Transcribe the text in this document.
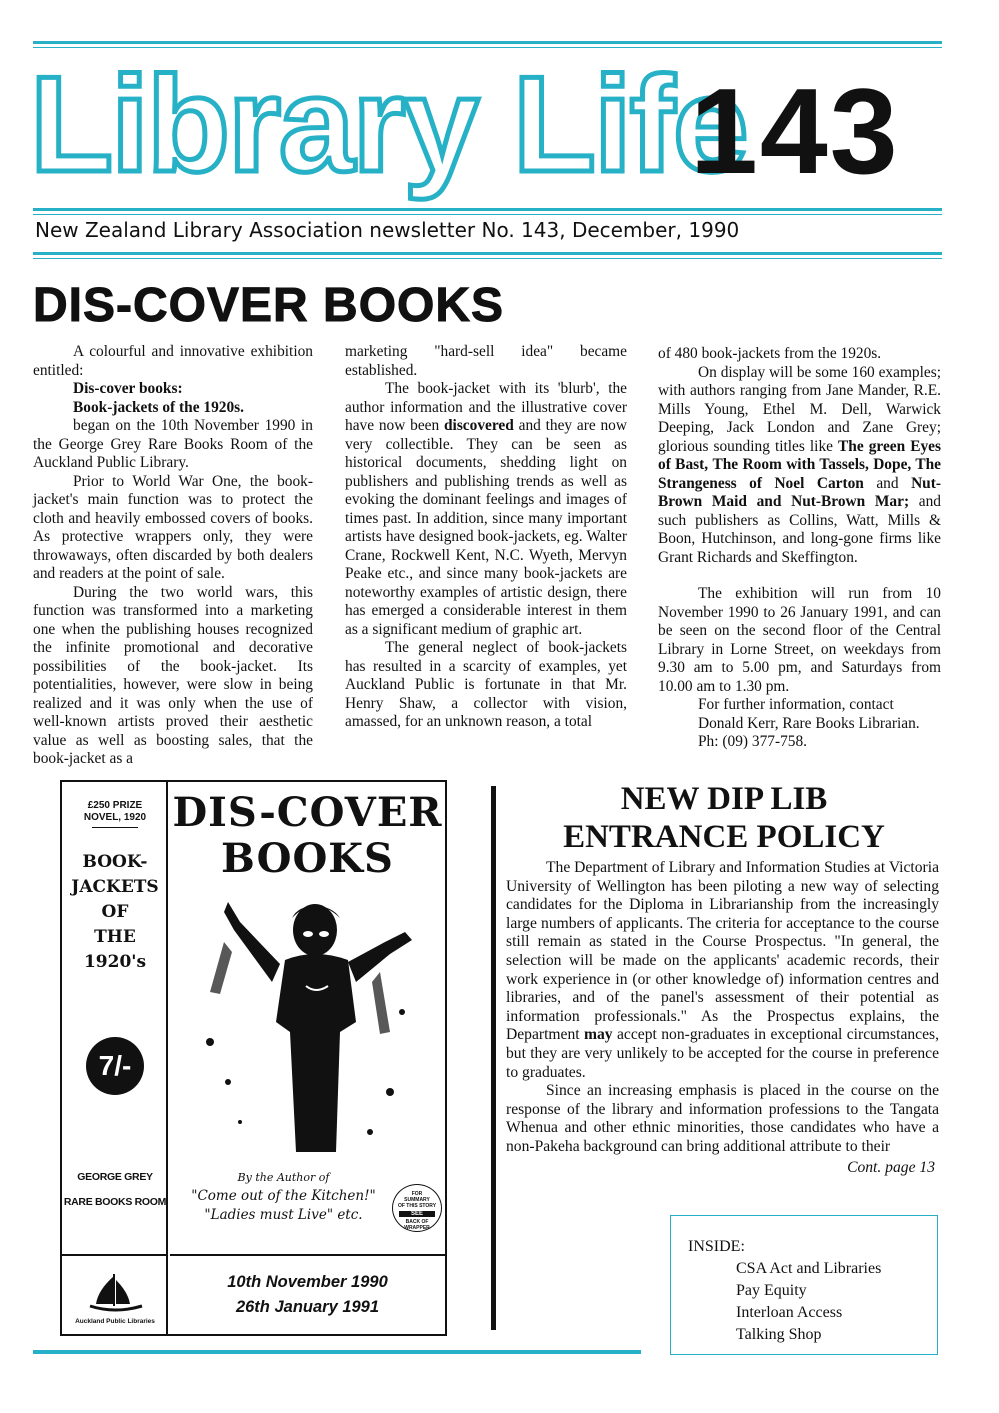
Library Life
143
New Zealand Library Association newsletter No. 143, December, 1990
DIS-COVER BOOKS

A colourful and innovative exhibition entitled:

Dis-cover books:
Book-jackets of the 1920s.

began on the 10th November 1990 in the George Grey Rare Books Room of the Auckland Public Library.

Prior to World War One, the book-jacket's main function was to protect the cloth and heavily embossed covers of books. As protective wrappers only, they were throwaways, often discarded by both dealers and readers at the point of sale.

During the two world wars, this function was transformed into a marketing one when the publishing houses recognized the infinite promotional and decorative possibilities of the book-jacket. Its potentialities, however, were slow in being realized and it was only when the use of well-known artists proved their aesthetic value as well as boosting sales, that the book-jacket as a

marketing "hard-sell idea" became established.

The book-jacket with its 'blurb', the author information and the illustrative cover have now been discovered and they are now very collectible. They can be seen as historical documents, shedding light on publishers and publishing trends as well as evoking the dominant feelings and images of times past. In addition, since many important artists have designed book-jackets, eg. Walter Crane, Rockwell Kent, N.C. Wyeth, Mervyn Peake etc., and since many book-jackets are noteworthy examples of artistic design, there has emerged a considerable interest in them as a significant medium of graphic art.

The general neglect of book-jackets has resulted in a scarcity of examples, yet Auckland Public is fortunate in that Mr. Henry Shaw, a collector with vision, amassed, for an unknown reason, a total

of 480 book-jackets from the 1920s.

On display will be some 160 examples; with authors ranging from Jane Mander, R.E. Mills Young, Ethel M. Dell, Warwick Deeping, Jack London and Zane Grey; glorious sounding titles like The green Eyes of Bast, The Room with Tassels, Dope, The Strangeness of Noel Carton and Nut-Brown Maid and Nut-Brown Mar; and such publishers as Collins, Watt, Mills & Boon, Hutchinson, and long-gone firms like Grant Richards and Skeffington.

The exhibition will run from 10 November 1990 to 26 January 1991, and can be seen on the second floor of the Central Library in Lorne Street, on weekdays from 9.30 am to 5.00 pm, and Saturdays from 10.00 am to 1.30 pm.

For further information, contact
Donald Kerr, Rare Books Librarian.
Ph: (09) 377-758.
£250 PRIZE
NOVEL, 1920
BOOK-
JACKETS
OF
THE
1920's
7/-
GEORGE GREY
RARE BOOKS ROOM
Auckland Public Libraries
DIS-COVER
BOOKS
By the Author of
"Come out of the Kitchen!"
"Ladies must Live" etc.
FOR
SUMMARY
OF THIS STORY
SEE
BACK OF
WRAPPER
10th November 1990
26th January 1991
NEW DIP LIB
ENTRANCE POLICY

The Department of Library and Information Studies at Victoria University of Wellington has been piloting a new way of selecting candidates for the Diploma in Librarianship from the increasingly large numbers of applicants. The criteria for acceptance to the course still remain as stated in the Course Prospectus. "In general, the selection will be made on the applicants' academic records, their work experience in (or other knowledge of) information centres and libraries, and of the panel's assessment of their potential as information professionals." As the Prospectus explains, the Department may accept non-graduates in exceptional circumstances, but they are very unlikely to be accepted for the course in preference to graduates.

Since an increasing emphasis is placed in the course on the response of the library and information professions to the Tangata Whenua and other ethnic minorities, those candidates who have a non-Pakeha background can bring additional attribute to their

Cont. page 13
INSIDE:
CSA Act and Libraries
Pay Equity
Interloan Access
Talking Shop
